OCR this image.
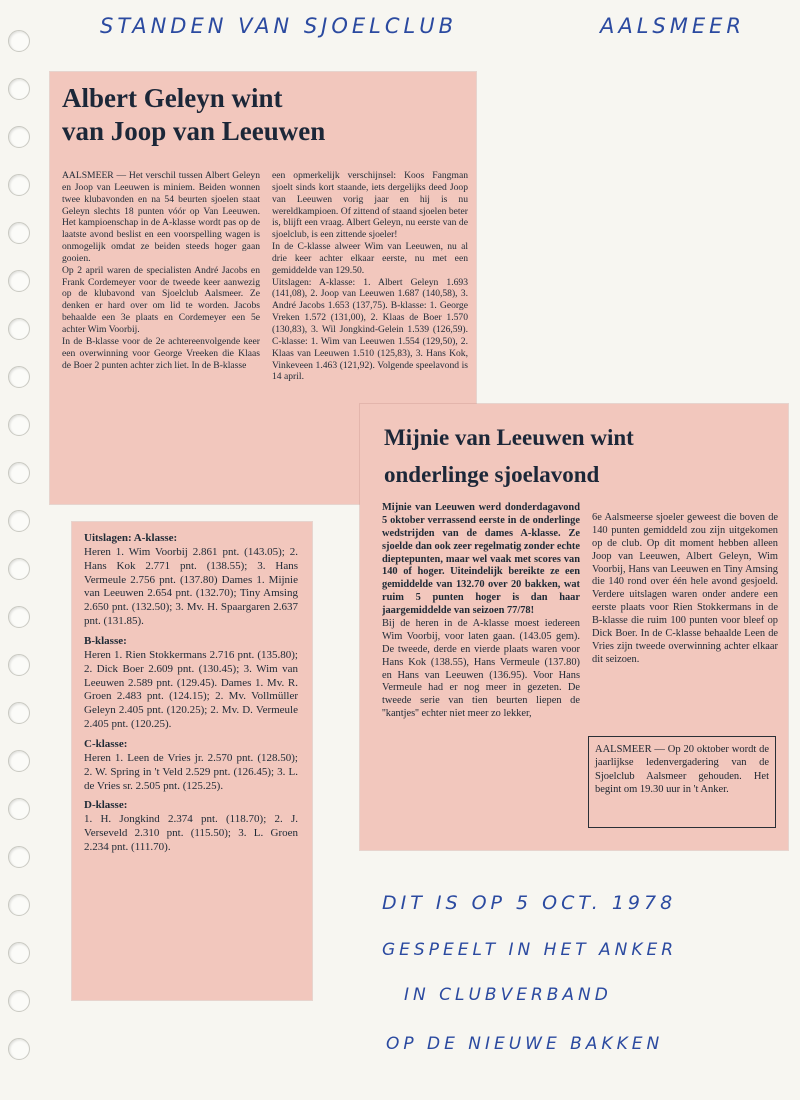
STANDEN VAN SJOELCLUB	AALSMEER
Albert Geleyn wint
van Joop van Leeuwen

AALSMEER — Het verschil tussen Albert Geleyn en Joop van Leeuwen is miniem. Beiden wonnen twee klubavonden en na 54 beurten sjoelen staat Geleyn slechts 18 punten vóór op Van Leeuwen. Het kampioenschap in de A-klasse wordt pas op de laatste avond beslist en een voorspelling wagen is onmogelijk omdat ze beiden steeds hoger gaan gooien.

Op 2 april waren de specialisten André Jacobs en Frank Cordemeyer voor de tweede keer aanwezig op de klubavond van Sjoelclub Aalsmeer. Ze denken er hard over om lid te worden. Jacobs behaalde een 3e plaats en Cordemeyer een 5e achter Wim Voorbij.

In de B-klasse voor de 2e achtereenvolgende keer een overwinning voor George Vreeken die Klaas de Boer 2 punten achter zich liet. In de B-klasse

een opmerkelijk verschijnsel: Koos Fangman sjoelt sinds kort staande, iets dergelijks deed Joop van Leeuwen vorig jaar en hij is nu wereldkampioen. Of zittend of staand sjoelen beter is, blijft een vraag. Albert Geleyn, nu eerste van de sjoelclub, is een zittende sjoeler!

In de C-klasse alweer Wim van Leeuwen, nu al drie keer achter elkaar eerste, nu met een gemiddelde van 129.50.

Uitslagen: A-klasse: 1. Albert Geleyn 1.693 (141,08), 2. Joop van Leeuwen 1.687 (140,58), 3. André Jacobs 1.653 (137,75). B-klasse: 1. George Vreken 1.572 (131,00), 2. Klaas de Boer 1.570 (130,83), 3. Wil Jongkind-Gelein 1.539 (126,59). C-klasse: 1. Wim van Leeuwen 1.554 (129,50), 2. Klaas van Leeuwen 1.510 (125,83), 3. Hans Kok, Vinkeveen 1.463 (121,92). Volgende speelavond is 14 april.

Uitslagen: A-klasse:

Heren 1. Wim Voorbij 2.861 pnt. (143.05); 2. Hans Kok 2.771 pnt. (138.55); 3. Hans Vermeule 2.756 pnt. (137.80) Dames 1. Mijnie van Leeuwen 2.654 pnt. (132.70); Tiny Amsing 2.650 pnt. (132.50); 3. Mv. H. Spaargaren 2.637 pnt. (131.85).

B-klasse:

Heren 1. Rien Stokkermans 2.716 pnt. (135.80); 2. Dick Boer 2.609 pnt. (130.45); 3. Wim van Leeuwen 2.589 pnt. (129.45). Dames 1. Mv. R. Groen 2.483 pnt. (124.15); 2. Mv. Vollmüller Geleyn 2.405 pnt. (120.25); 2. Mv. D. Vermeule 2.405 pnt. (120.25).

C-klasse:

Heren 1. Leen de Vries jr. 2.570 pnt. (128.50); 2. W. Spring in 't Veld 2.529 pnt. (126.45); 3. L. de Vries sr. 2.505 pnt. (125.25).

D-klasse:

1. H. Jongkind 2.374 pnt. (118.70); 2. J. Verseveld 2.310 pnt. (115.50); 3. L. Groen 2.234 pnt. (111.70).

Mijnie van Leeuwen wint
onderlinge sjoelavond

Mijnie van Leeuwen werd donderdagavond 5 oktober verrassend eerste in de onderlinge wedstrijden van de dames A-klasse. Ze sjoelde dan ook zeer regelmatig zonder echte dieptepunten, maar wel vaak met scores van 140 of hoger. Uiteindelijk bereikte ze een gemiddelde van 132.70 over 20 bakken, wat ruim 5 punten hoger is dan haar jaargemiddelde van seizoen 77/78!

Bij de heren in de A-klasse moest iedereen Wim Voorbij, voor laten gaan. (143.05 gem). De tweede, derde en vierde plaats waren voor Hans Kok (138.55), Hans Vermeule (137.80) en Hans van Leeuwen (136.95). Voor Hans Vermeule had er nog meer in gezeten. De tweede serie van tien beurten liepen de ''kantjes'' echter niet meer zo lekker,

6e Aalsmeerse sjoeler geweest die boven de 140 punten gemiddeld zou zijn uitgekomen op de club. Op dit moment hebben alleen Joop van Leeuwen, Albert Geleyn, Wim Voorbij, Hans van Leeuwen en Tiny Amsing die 140 rond over één hele avond gesjoeld. Verdere uitslagen waren onder andere een eerste plaats voor Rien Stokkermans in de B-klasse die ruim 100 punten voor bleef op Dick Boer. In de C-klasse behaalde Leen de Vries zijn tweede overwinning achter elkaar dit seizoen.

AALSMEER — Op 20 oktober wordt de jaarlijkse ledenvergadering van de Sjoelclub Aalsmeer gehouden. Het begint om 19.30 uur in 't Anker.
DIT IS OP 5 OCT. 1978
GESPEELT IN HET ANKER
IN CLUBVERBAND
OP DE NIEUWE BAKKEN
